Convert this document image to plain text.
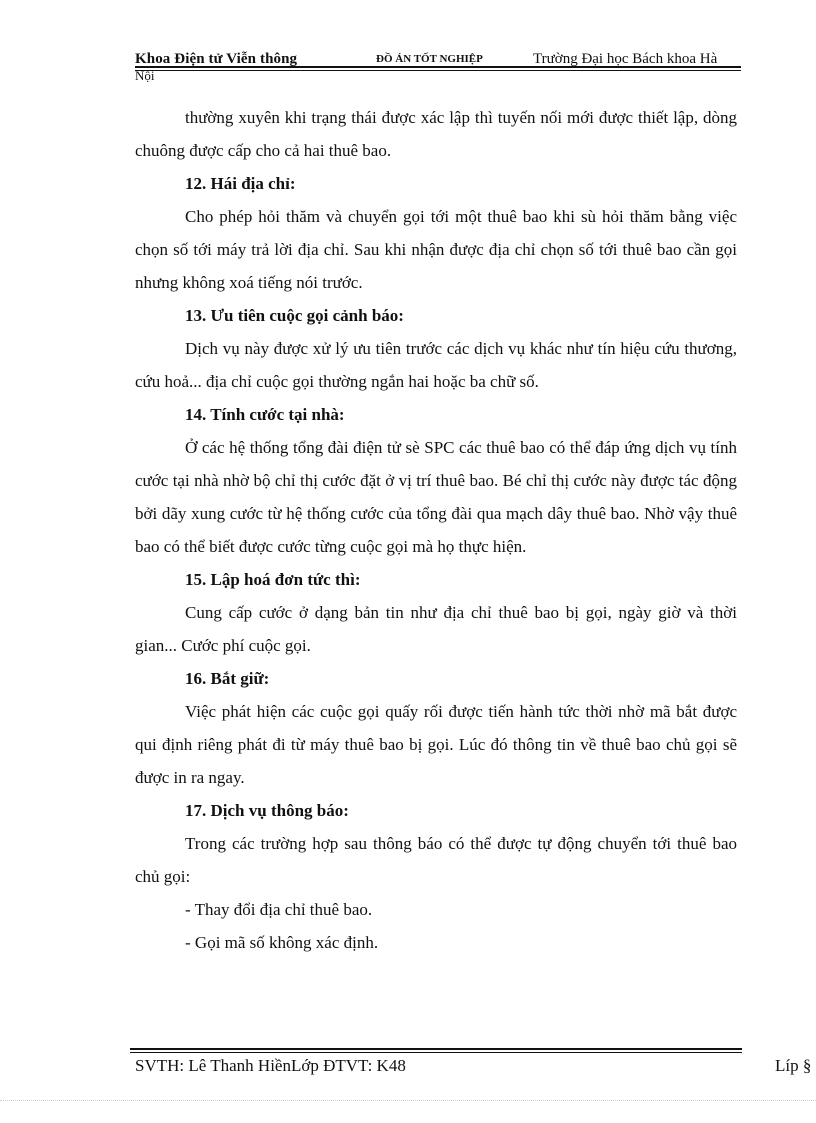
Khoa Điện tử Viễn thông	ĐỒ ÁN TỐT NGHIỆP	Trường Đại học Bách khoa Hà
Nội

thường xuyên khi trạng thái được xác lập thì tuyến nối mới được thiết lập, dòng chuông được cấp cho cả hai thuê bao.

12. Hái địa chỉ:

Cho phép hỏi thăm và chuyển gọi tới một thuê bao khi sù hỏi thăm bằng việc chọn số tới máy trả lời địa chỉ. Sau khi nhận được địa chỉ chọn số tới thuê bao cần gọi nhưng không xoá tiếng nói trước.

13. Ưu tiên cuộc gọi cảnh báo:

Dịch vụ này được xử lý ưu tiên trước các dịch vụ khác như tín hiệu cứu thương, cứu hoả... địa chỉ cuộc gọi thường ngắn hai hoặc ba chữ số.

14. Tính cước tại nhà:

Ở các hệ thống tổng đài điện tử sè SPC các thuê bao có thể đáp ứng dịch vụ tính cước tại nhà nhờ bộ chỉ thị cước đặt ở vị trí thuê bao. Bé chỉ thị cước này được tác động bởi dãy xung cước từ hệ thống cước của tổng đài qua mạch dây thuê bao. Nhờ vậy thuê bao có thể biết được cước từng cuộc gọi mà họ thực hiện.

15. Lập hoá đơn tức thì:

Cung cấp cước ở dạng bản tin như địa chỉ thuê bao bị gọi, ngày giờ và thời gian... Cước phí cuộc gọi.

16. Bắt giữ:

Việc phát hiện các cuộc gọi quấy rối được tiến hành tức thời nhờ mã bắt được qui định riêng phát đi từ máy thuê bao bị gọi. Lúc đó thông tin về thuê bao chủ gọi sẽ được in ra ngay.

17. Dịch vụ thông báo:

Trong các trường hợp sau thông báo có thể được tự động chuyển tới thuê bao chủ gọi:

- Thay đổi địa chỉ thuê bao.

- Gọi mã số không xác định.

SVTH: Lê Thanh HiềnLớp ĐTVT: K48	Líp §
